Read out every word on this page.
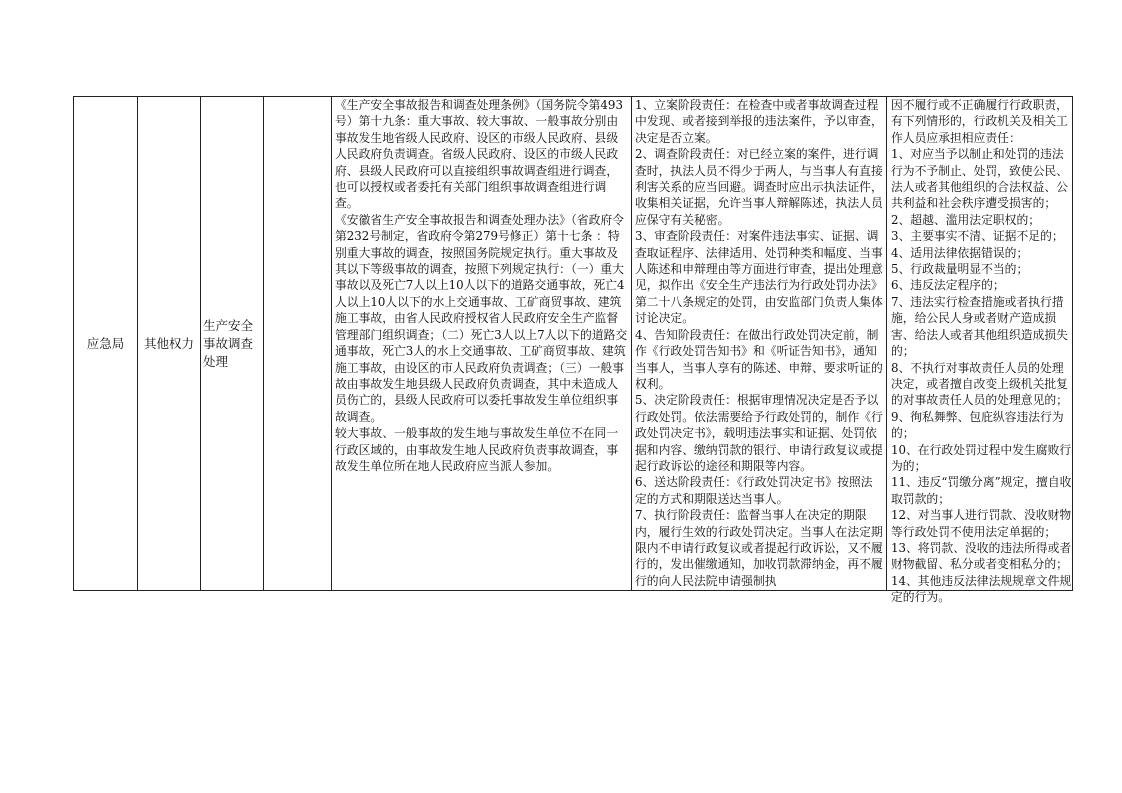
应急局 其他权力
生产安全事故调查处理

《生产安全事故报告和调查处理条例》（国务院令第493号）第十九条：重大事故、较大事故、一般事故分别由事故发生地省级人民政府、设区的市级人民政府、县级人民政府负责调查。省级人民政府、设区的市级人民政府、县级人民政府可以直接组织事故调查组进行调查，也可以授权或者委托有关部门组织事故调查组进行调查。

《安徽省生产安全事故报告和调查处理办法》（省政府令第232号制定，省政府令第279号修正）第十七条 ：特别重大事故的调查，按照国务院规定执行。重大事故及其以下等级事故的调查，按照下列规定执行：（一）重大事故以及死亡7人以上10人以下的道路交通事故，死亡4人以上10人以下的水上交通事故、工矿商贸事故、建筑施工事故，由省人民政府授权省人民政府安全生产监督管理部门组织调查；（二）死亡3人以上7人以下的道路交通事故，死亡3人的水上交通事故、工矿商贸事故、建筑施工事故，由设区的市人民政府负责调查；（三）一般事故由事故发生地县级人民政府负责调查，其中未造成人员伤亡的，县级人民政府可以委托事故发生单位组织事故调查。

较大事故、一般事故的发生地与事故发生单位不在同一行政区域的，由事故发生地人民政府负责事故调查，事故发生单位所在地人民政府应当派人参加。

1、立案阶段责任：在检查中或者事故调查过程中发现、或者接到举报的违法案件，予以审查，决定是否立案。

2、调查阶段责任：对已经立案的案件，进行调查时，执法人员不得少于两人，与当事人有直接利害关系的应当回避。调查时应出示执法证件，收集相关证据，允许当事人辩解陈述，执法人员应保守有关秘密。

3、审查阶段责任：对案件违法事实、证据、调查取证程序、法律适用、处罚种类和幅度、当事人陈述和申辩理由等方面进行审查，提出处理意见，拟作出《安全生产违法行为行政处罚办法》第二十八条规定的处罚，由安监部门负责人集体讨论决定。

4、告知阶段责任：在做出行政处罚决定前，制作《行政处罚告知书》和《听证告知书》，通知当事人，当事人享有的陈述、申辩、要求听证的权利。

5、决定阶段责任：根据审理情况决定是否予以行政处罚。依法需要给予行政处罚的，制作《行政处罚决定书》，载明违法事实和证据、处罚依据和内容、缴纳罚款的银行、申请行政复议或提起行政诉讼的途径和期限等内容。

6、送达阶段责任：《行政处罚决定书》按照法定的方式和期限送达当事人。

7、执行阶段责任：监督当事人在决定的期限内，履行生效的行政处罚决定。当事人在法定期限内不申请行政复议或者提起行政诉讼，又不履行的，发出催缴通知，加收罚款滞纳金，再不履行的向人民法院申请强制执

因不履行或不正确履行行政职责，有下列情形的，行政机关及相关工作人员应承担相应责任：

1、对应当予以制止和处罚的违法行为不予制止、处罚，致使公民、法人或者其他组织的合法权益、公共利益和社会秩序遭受损害的；

2、超越、滥用法定职权的；

3、主要事实不清、证据不足的；

4、适用法律依据错误的；

5、行政裁量明显不当的；

6、违反法定程序的；

7、违法实行检查措施或者执行措施，给公民人身或者财产造成损害、给法人或者其他组织造成损失的；

8、不执行对事故责任人员的处理决定，或者擅自改变上级机关批复的对事故责任人员的处理意见的；

9、徇私舞弊、包庇纵容违法行为的；

10、在行政处罚过程中发生腐败行为的；

11、违反“罚缴分离”规定，擅自收取罚款的；

12、对当事人进行罚款、没收财物等行政处罚不使用法定单据的；

13、将罚款、没收的违法所得或者财物截留、私分或者变相私分的；

14、其他违反法律法规规章文件规定的行为。
